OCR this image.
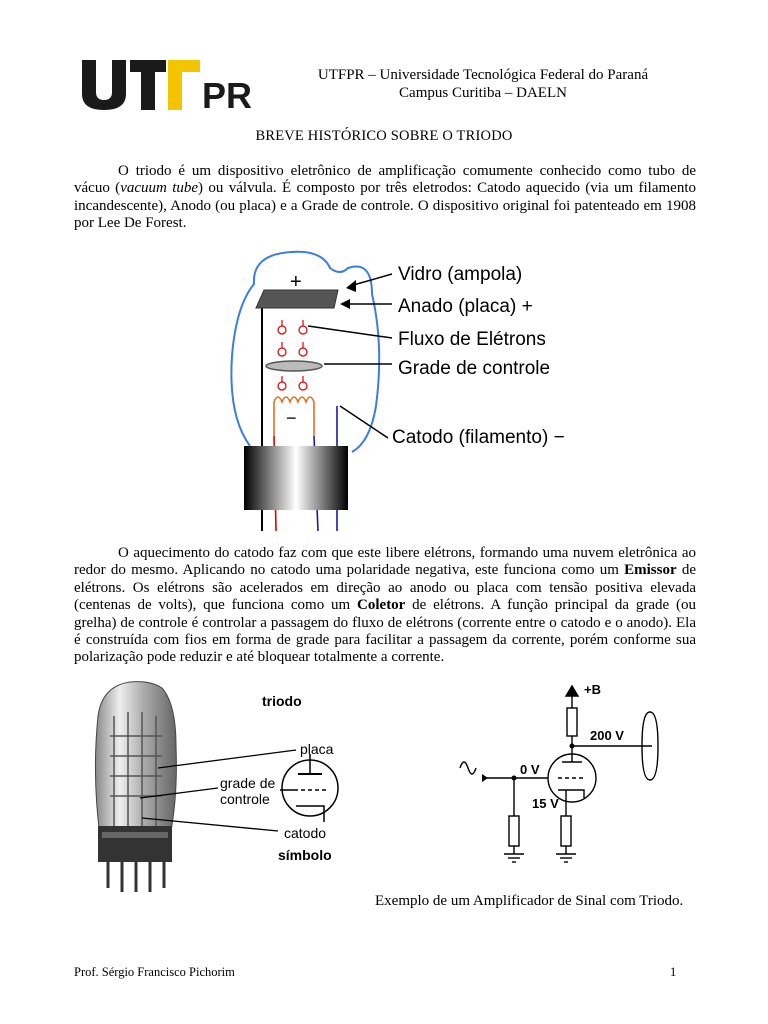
PR	UTFPR – Universidade Tecnológica Federal do Paraná
Campus Curitiba – DAELN
BREVE HISTÓRICO SOBRE O TRIODO
O triodo é um dispositivo eletrônico de amplificação comumente conhecido como tubo de vácuo (vacuum tube) ou válvula. É composto por três eletrodos: Catodo aquecido (via um filamento incandescente), Anodo (ou placa) e a Grade de controle. O dispositivo original foi patenteado em 1908 por Lee De Forest.
+
−
Vidro (ampola)
Anado (placa) +
Fluxo de Elétrons
Grade de controle
Catodo (filamento) −
O aquecimento do catodo faz com que este libere elétrons, formando uma nuvem eletrônica ao redor do mesmo. Aplicando no catodo uma polaridade negativa, este funciona como um Emissor de elétrons. Os elétrons são acelerados em direção ao anodo ou placa com tensão positiva elevada (centenas de volts), que funciona como um Coletor de elétrons. A função principal da grade (ou grelha) de controle é controlar a passagem do fluxo de elétrons (corrente entre o catodo e o anodo). Ela é construída com fios em forma de grade para facilitar a passagem da corrente, porém conforme sua polarização pode reduzir e até bloquear totalmente a corrente.
triodo
placa
grade de
controle
catodo
símbolo
+B
200 V
0 V
15 V
Exemplo de um Amplificador de Sinal com Triodo.
Prof. Sérgio Francisco Pichorim	1
